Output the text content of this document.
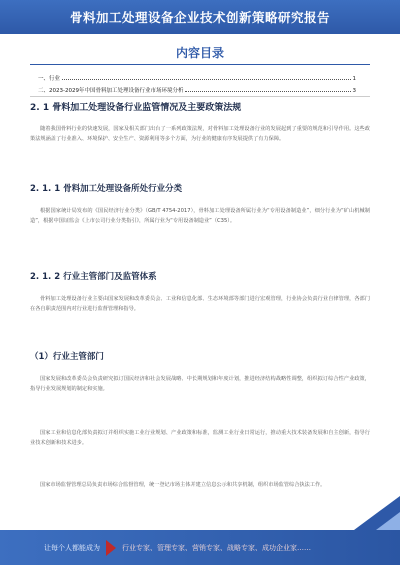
骨料加工处理设备企业技术创新策略研究报告
内容目录
一、行业	1
二、2023-2029年中国骨料加工处理设备行业市场环境分析	3
2. 1 骨料加工处理设备行业监管情况及主要政策法规
随着我国骨料行业的快速发展，国家及相关部门出台了一系列政策法规，对骨料加工处理设备行业的发展起到了重要的规范和引导作用。这些政策法规涵盖了行业准入、环境保护、安全生产、资源利用等多个方面，为行业的健康有序发展提供了有力保障。
2. 1. 1 骨料加工处理设备所处行业分类
根据国家统计局发布的《国民经济行业分类》（GB/T 4754-2017），骨料加工处理设备所属行业为“专用设备制造业”，细分行业为“矿山机械制造”，根据中国证监会《上市公司行业分类指引》，所属行业为“专用设备制造业”（C35）。
2. 1. 2 行业主管部门及监管体系
骨料加工处理设备行业主要由国家发展和改革委员会、工业和信息化部、生态环境部等部门进行宏观管理，行业协会负责行业自律管理，各部门在各自职责范围内对行业进行监督管理和指导。
（1）行业主管部门
国家发展和改革委员会负责研究拟订国民经济和社会发展战略、中长期规划和年度计划，推进经济结构战略性调整，组织拟订综合性产业政策，指导行业发展规划的制定和实施。
国家工业和信息化部负责拟订并组织实施工业行业规划、产业政策和标准，监测工业行业日常运行，推动重大技术装备发展和自主创新，指导行业技术创新和技术进步。
国家市场监督管理总局负责市场综合监督管理，统一登记市场主体并建立信息公示和共享机制，组织市场监管综合执法工作。
让每个人都能成为	行业专家、管理专家、营销专家、战略专家、成功企业家……
